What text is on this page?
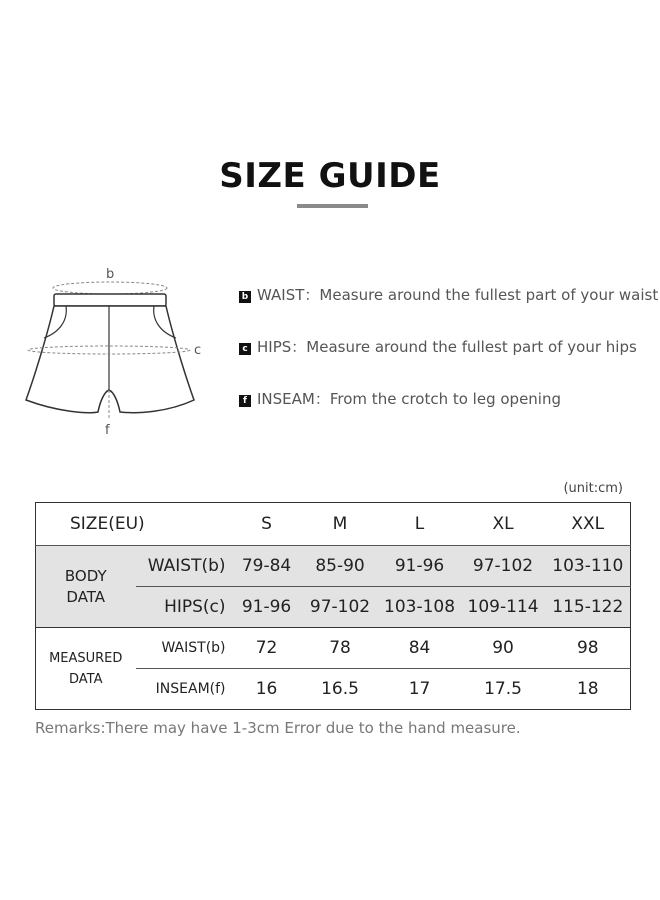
SIZE GUIDE
b
c
f
b WAIST：Measure around the fullest part of your waist
c HIPS：Measure around the fullest part of your hips
f INSEAM：From the crotch to leg opening
(unit:cm)
SIZE(EU)		S	M	L	XL	XXL

BODY
DATA	WAIST(b)	79-84	85-90	91-96	97-102	103-110
	HIPS(c)	91-96	97-102	103-108	109-114	115-122

MEASURED
DATA	WAIST(b)	72	78	84	90	98
	INSEAM(f)	16	16.5	17	17.5	18
Remarks:There may have 1-3cm Error due to the hand measure.
